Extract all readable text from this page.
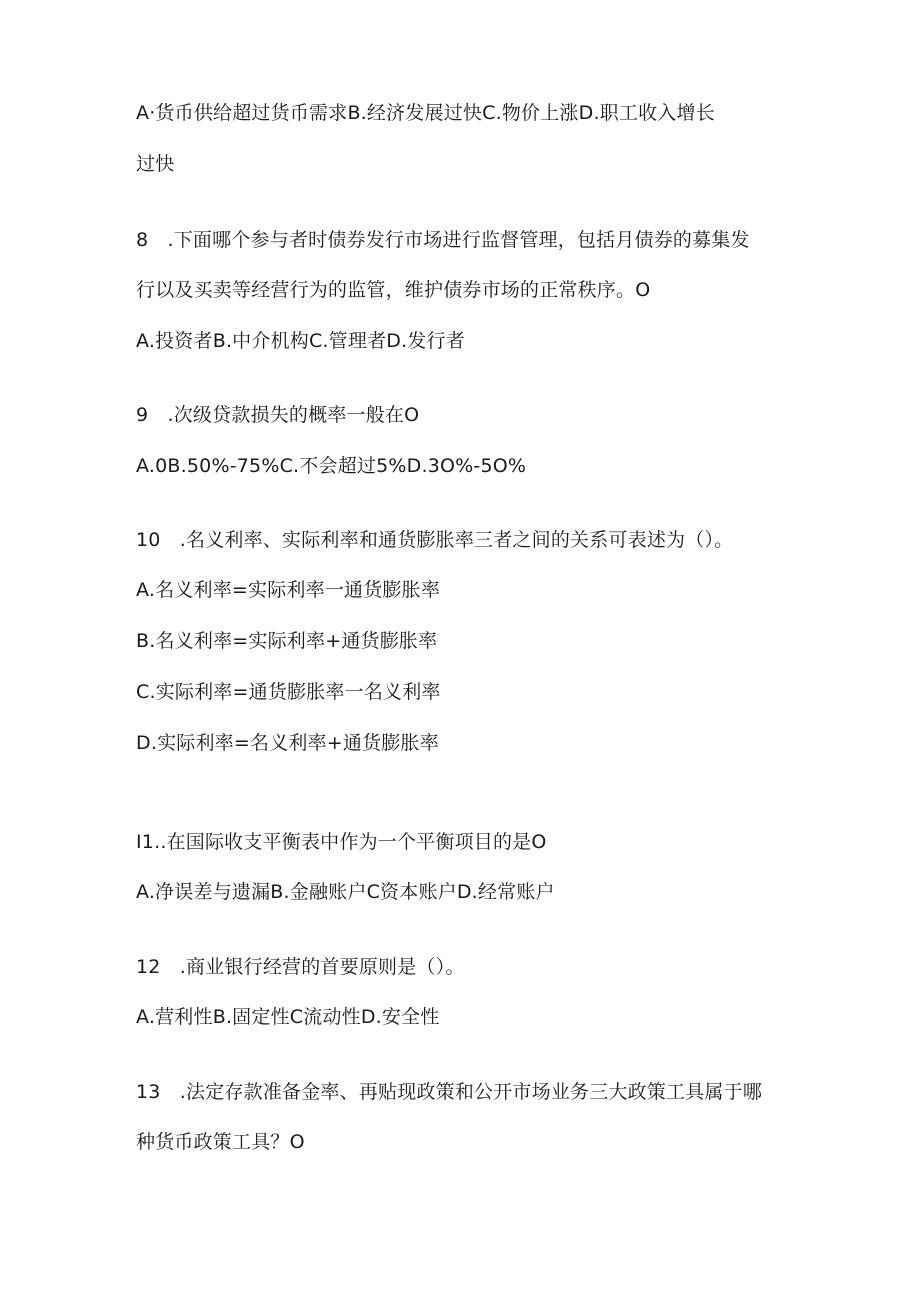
A·货币供给超过货币需求B.经济发展过快C.物价上涨D.职工收入增长
过快
8　.下面哪个参与者时债券发行市场进行监督管理，包括月债券的募集发
行以及买卖等经营行为的监管，维护债券市场的正常秩序。O
A.投资者B.中介机构C.管理者D.发行者
9　.次级贷款损失的概率一般在O
A.0B.50%-75%C.不会超过5%D.3O%-5O%
10　.名义利率、实际利率和通货膨胀率三者之间的关系可表述为（）。
A.名义利率=实际利率一通货膨胀率
B.名义利率=实际利率+通货膨胀率
C.实际利率=通货膨胀率一名义利率
D.实际利率=名义利率+通货膨胀率
I1..在国际收支平衡表中作为一个平衡项目的是O
A.净误差与遗漏B.金融账户C资本账户D.经常账户
12　.商业银行经营的首要原则是（）。
A.营利性B.固定性C流动性D.安全性
13　.法定存款准备金率、再贴现政策和公开市场业务三大政策工具属于哪
种货币政策工具？O
